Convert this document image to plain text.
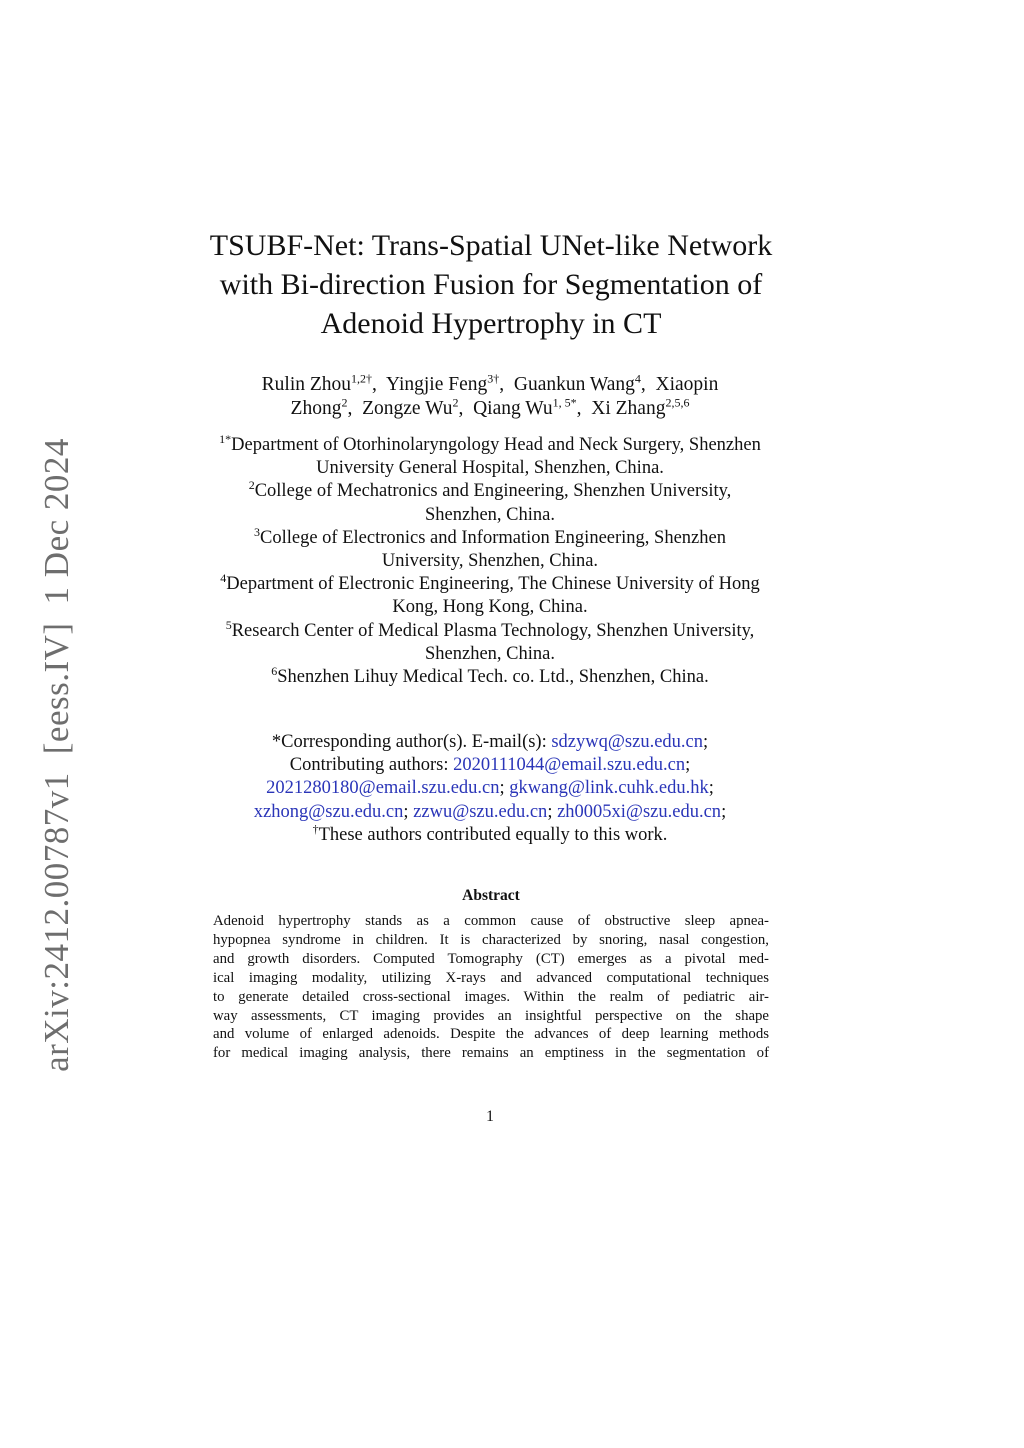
arXiv:2412.00787v1[eess.IV]1 Dec 2024
TSUBF-Net: Trans-Spatial UNet-like Network
with Bi-direction Fusion for Segmentation of
Adenoid Hypertrophy in CT
Rulin Zhou$^{1,2\dagger}$,  Yingjie Feng$^{3\dagger}$,  Guankun Wang$^4$,  Xiaopin
Zhong$^2$,  Zongze Wu$^2$,  Qiang $Wu^{1, 5*}$,  Xi Zhang$^{2,5,6}$
$^{1*}$Department of Otorhinolaryngology Head and Neck Surgery, Shenzhen
University General Hospital, Shenzhen, China.
$^2$College of Mechatronics and Engineering, Shenzhen University,
Shenzhen, China.
$^3$College of Electronics and Information Engineering, Shenzhen
University, Shenzhen, China.
$^4$Department of Electronic Engineering, The Chinese University of Hong
Kong, Hong Kong, China.
$^5$Research Center of Medical Plasma Technology, Shenzhen University,
Shenzhen, China.
$^6$Shenzhen Lihuy Medical Tech. co. Ltd., Shenzhen, China.
*Corresponding author(s). E-mail(s): sdzywq@szu.edu.cn;
Contributing authors: 2020111044@email.szu.edu.cn;
2021280180@email.szu.edu.cn; gkwang@link.cuhk.edu.hk;
xzhong@szu.edu.cn; zzwu@szu.edu.cn; zh0005xi@szu.edu.cn;
†These authors contributed equally to this work.
Abstract
Adenoid hypertrophy stands as a common cause of obstructive sleep apnea-
hypopnea syndrome in children. It is characterized by snoring, nasal congestion,
and growth disorders. Computed Tomography (CT) emerges as a pivotal med-
ical imaging modality, utilizing X-rays and advanced computational techniques
to generate detailed cross-sectional images. Within the realm of pediatric air-
way assessments, CT imaging provides an insightful perspective on the shape
and volume of enlarged adenoids. Despite the advances of deep learning methods
for medical imaging analysis, there remains an emptiness in the segmentation of
1
